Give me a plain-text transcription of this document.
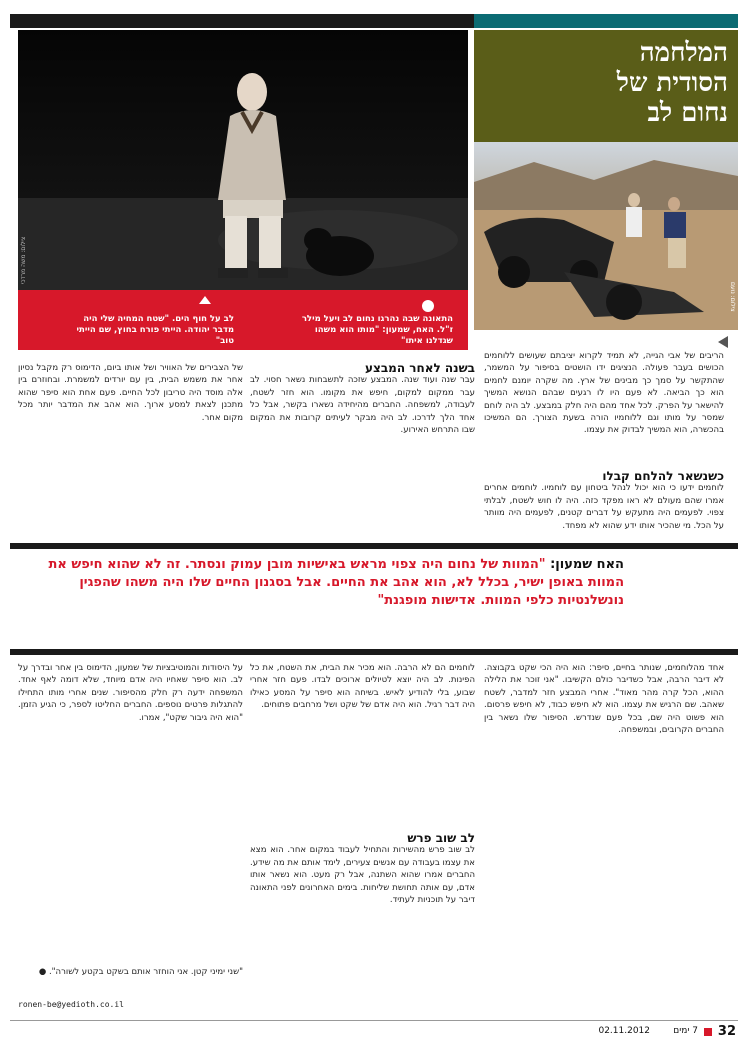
צילום: משה מרדכי
לב על חוף הים. "שטח המחיה שלי היה מדבר יהודה. הייתי פורח בחוץ, שם הייתי טוב"
התאונה שבה נהרגו נחום לב ויעל מילר ז"ל. האח, שמעון: "מותו הוא משהו שגדלנו איתו"
המלחמה
הסודית של
נחום לב
צילום: נועם

הריבים של אבי הגייה, לא תמיד לקרוא יציבתם שעושים ללוחמים הכושים בעבר פעולה. הנציגים ידו הושטים בסיפור על המשמר, שהתקשר על סמך כך מבינים של ארץ. מה שקרה יומנם לחמים הוא כך הביאה. לא פעם היו לו רגעים שבהם הנושא המשיך להישאר על הפרק. לכל אחד מהם היה חלק במבצע. לב היה לוחם שמסר על מותו וגם ללוחמיו הורה בשעת הצורך. הם המשיכו בהכשרה, הוא המשיך לבדוק את עצמו.

כשנשאר להלחם קבלו

לוחמים ידעו כי הוא יכול לנהל ביטחון עם לוחמיו. לוחמים אחרים אמרו שהם מעולם לא ראו מפקד כזה. היה לו חוש לשטח, לבלתי צפוי. לפעמים היה מתעקש על דברים קטנים, לפעמים היה מוותר על הכל. מי שהכיר אותו ידע שהוא לא מפחד.

בשנה לאחר המבצע

עבר שנה ועוד שנה. המבצע שזכה לתשבחות נשאר חסוי. לב עבר ממקום למקום, חיפש את מקומו. הוא חזר לשטח, לעבודה, למשפחה. החברים מהיחידה נשארו בקשר, אבל כל אחד הלך לדרכו. לב היה מבקר לעיתים קרובות את המקום שבו התרחש האירוע.

של הצבירים של האוויר ושל אותו ביום, הדימוס רק מקבל נסיון אחר את משמש הבית, בין עם יורדים למשמרת. ובחוזרם בין אלה מוסד היה טריבון לכל החיים. פעם אחת הוא סיפר שהוא מתכנן לצאת למסע ארוך. הוא אהב את המדבר יותר מכל מקום אחר.

האח שמעון: "המוות של נחום היה צפוי מראש באישיות מובן עמוק ונסתר. זה לא שהוא חיפש את המוות באופן ישיר, בכלל לא, הוא אהב את החיים. אבל בסגנון החיים שלו היה משהו שהפגין נונשלנטיות כלפי המוות. אדישות מופגנת"

אחד מהלוחמים, שנותר בחיים, סיפר: הוא היה הכי שקט בקבוצה. לא דיבר הרבה, אבל כשדיבר כולם הקשיבו. "אני זוכר את הלילה ההוא, הכל קרה מהר מאוד". אחרי המבצע חזר למדבר, לשטח שאהב. שם הרגיש את עצמו. הוא לא חיפש כבוד, לא חיפש פרסום. הוא פשוט היה שם, בכל פעם שנדרש. הסיפור שלו נשאר בין החברים הקרובים, ובמשפחה.

לוחמים הם לא הרבה. הוא מכיר את הבית, את השטח, את כל הפינות. לב היה יוצא לטיולים ארוכים לבדו. פעם חזר אחרי שבוע, בלי להודיע לאיש. בשיחה הוא סיפר על המסע כאילו היה דבר רגיל. הוא היה אדם של שקט ושל מרחבים פתוחים.

לב שוב פרש

לב שוב פרש מהשירות והתחיל לעבוד במקום אחר. הוא מצא את עצמו בעבודה עם אנשים צעירים, לימד אותם את מה שידע. החברים אמרו שהוא השתנה, אבל רק מעט. הוא נשאר אותו אדם, עם אותה תחושת שליחות. בימים האחרונים לפני התאונה דיבר על תוכניות לעתיד.

על היסודות והמוטיבציות של שמעון, הדימוס בין אחר ובדרך על לב. הוא סיפר שאחיו היה אדם מיוחד, שלא דומה לאף אחד. המשפחה ידעה רק חלק מהסיפור. שנים אחרי מותו התחילו להתגלות פרטים נוספים. החברים החליטו לספר, כי הגיע הזמן. "הוא היה גיבור שקט", אמרו.

"שני ימיני קטן. אני הוחזר אותם בשקט בקטע לשורה". ●

ronen-be@yedioth.co.il
32
7 ימים
02.11.2012
